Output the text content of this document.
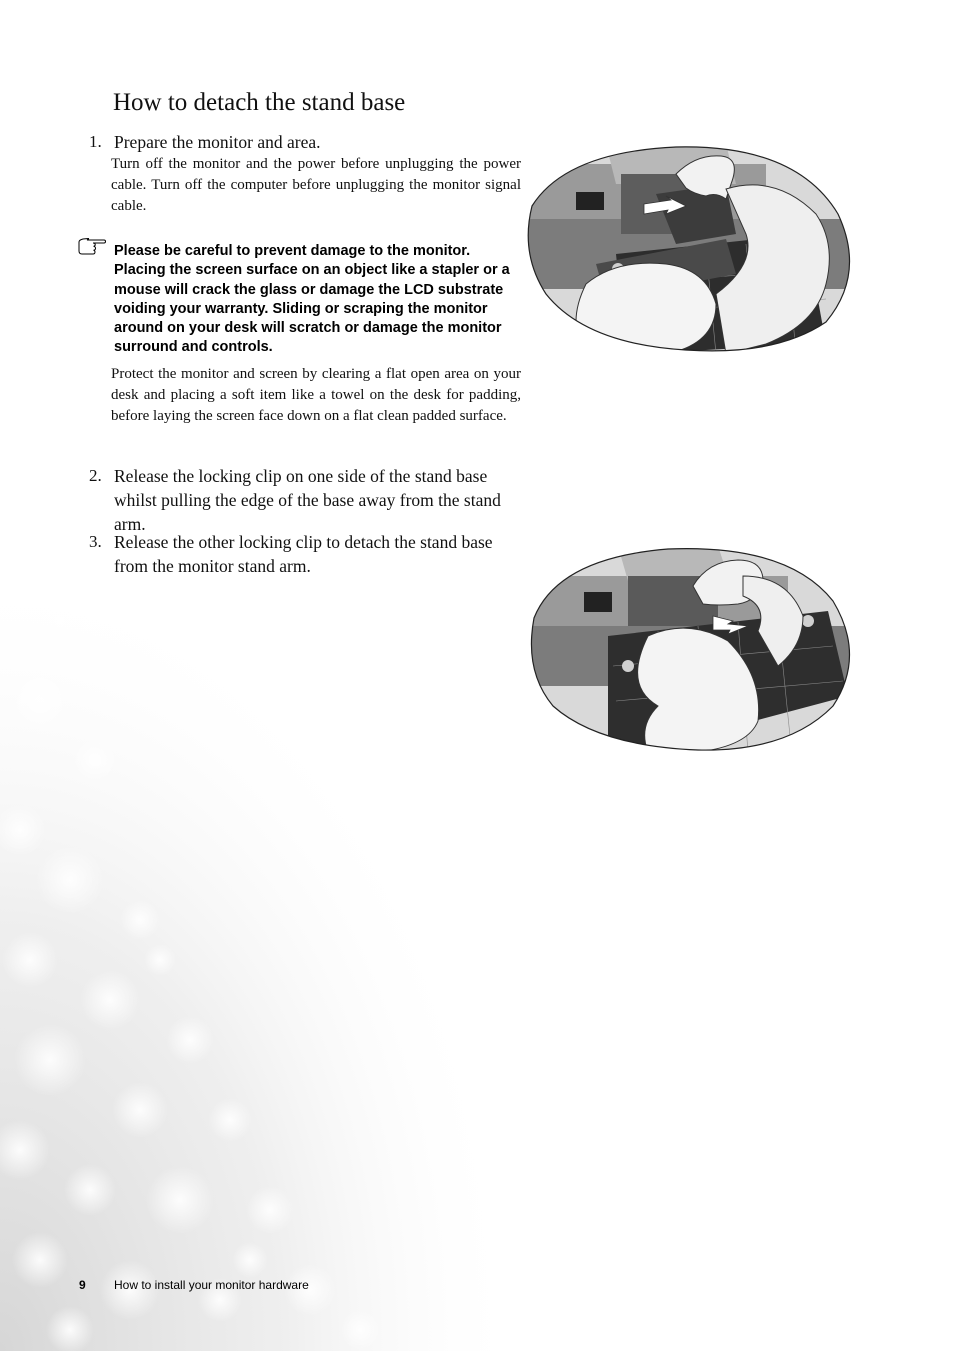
How to detach the stand base
1. Prepare the monitor and area.

Turn off the monitor and the power before unplugging the power cable. Turn off the computer before unplugging the monitor signal cable.

Please be careful to prevent damage to the monitor. Placing the screen surface on an object like a stapler or a mouse will crack the glass or damage the LCD substrate voiding your warranty. Sliding or scraping the monitor around on your desk will scratch or damage the monitor surround and controls.

Protect the monitor and screen by clearing a flat open area on your desk and placing a soft item like a towel on the desk for padding, before laying the screen face down on a flat clean padded surface.

2. Release the locking clip on one side of the stand base whilst pulling the edge of the base away from the stand arm.

3. Release the other locking clip to detach the stand base from the monitor stand arm.

9 How to install your monitor hardware
